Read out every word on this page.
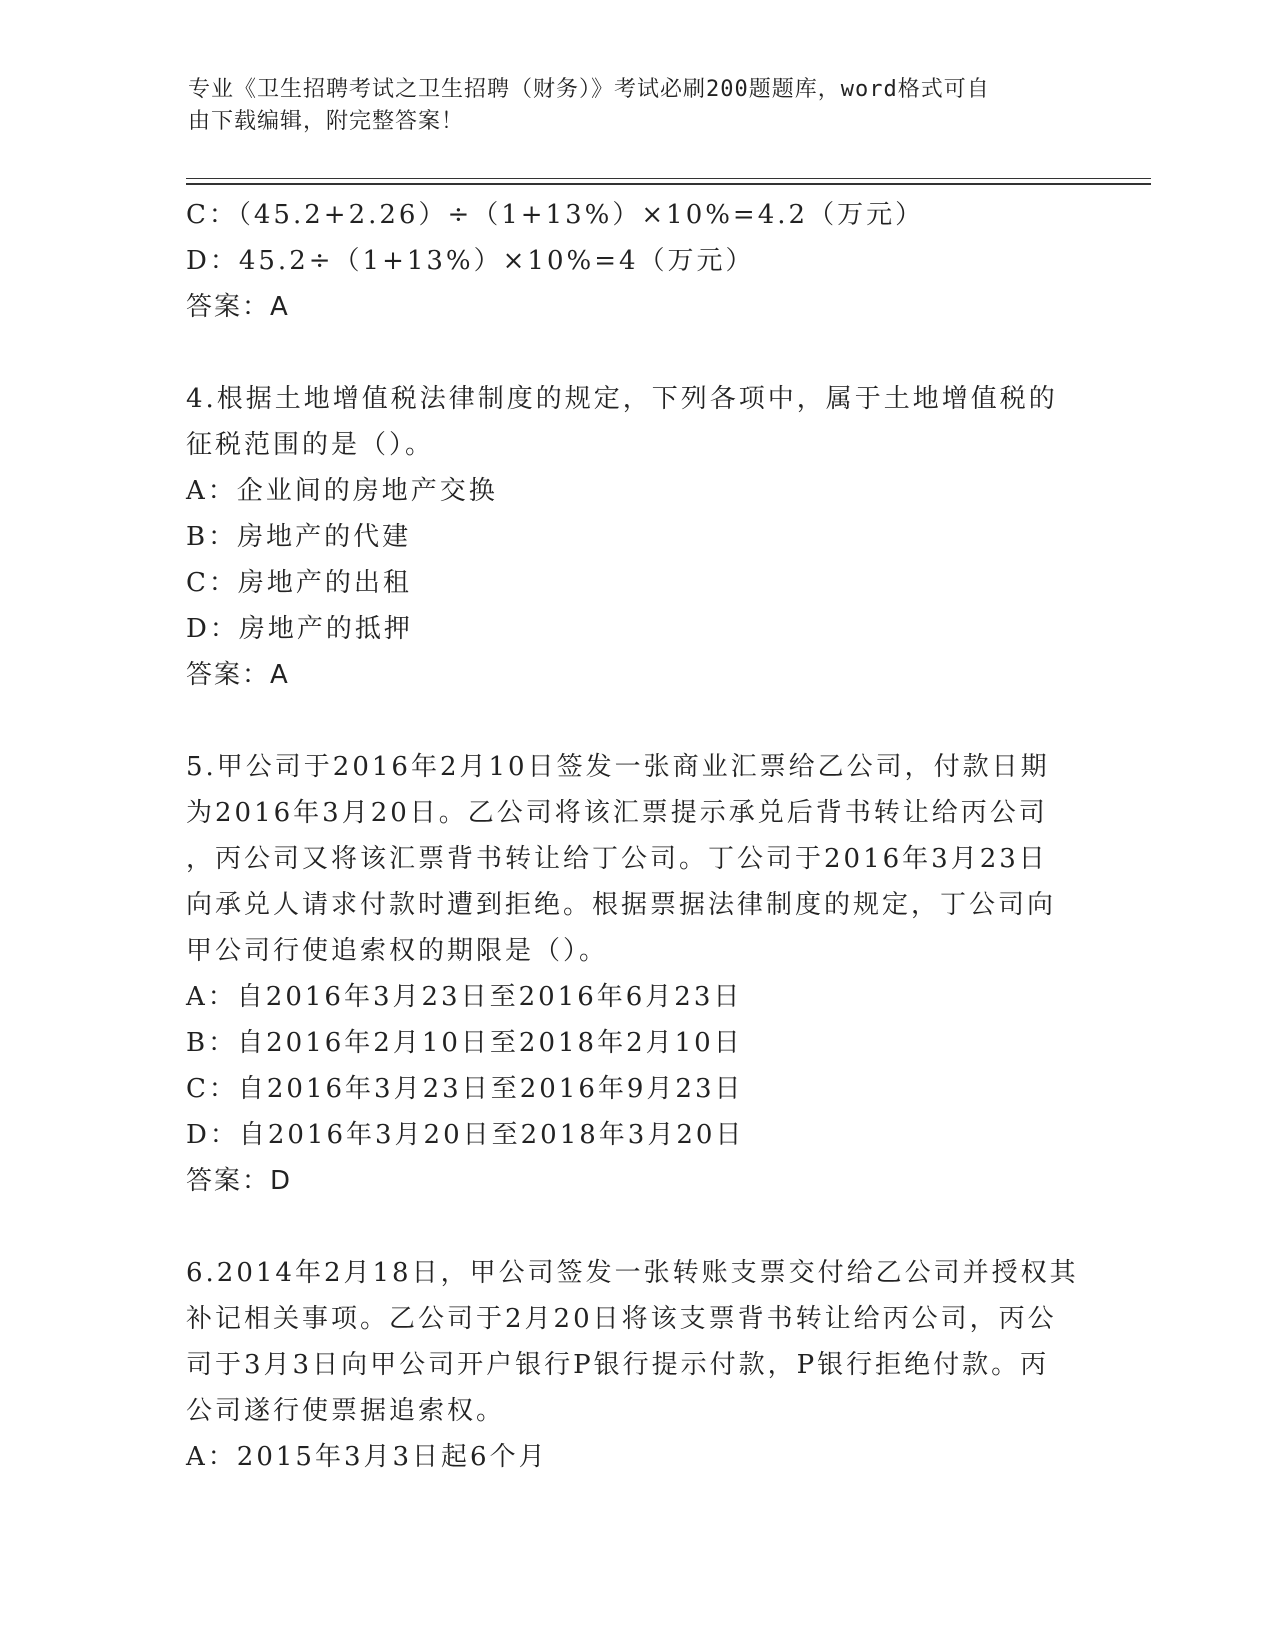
专业《卫生招聘考试之卫生招聘（财务）》考试必刷200题题库，word格式可自
由下载编辑，附完整答案！
C：（45.2+2.26）÷（1+13%）×10%=4.2（万元）
D：45.2÷（1+13%）×10%=4（万元）
答案：A
4.根据土地增值税法律制度的规定，下列各项中，属于土地增值税的
征税范围的是（）。
A：企业间的房地产交换
B：房地产的代建
C：房地产的出租
D：房地产的抵押
答案：A
5.甲公司于2016年2月10日签发一张商业汇票给乙公司，付款日期
为2016年3月20日。乙公司将该汇票提示承兑后背书转让给丙公司
，丙公司又将该汇票背书转让给丁公司。丁公司于2016年3月23日
向承兑人请求付款时遭到拒绝。根据票据法律制度的规定，丁公司向
甲公司行使追索权的期限是（）。
A：自2016年3月23日至2016年6月23日
B：自2016年2月10日至2018年2月10日
C：自2016年3月23日至2016年9月23日
D：自2016年3月20日至2018年3月20日
答案：D
6.2014年2月18日，甲公司签发一张转账支票交付给乙公司并授权其
补记相关事项。乙公司于2月20日将该支票背书转让给丙公司，丙公
司于3月3日向甲公司开户银行P银行提示付款，P银行拒绝付款。丙
公司遂行使票据追索权。
A：2015年3月3日起6个月
